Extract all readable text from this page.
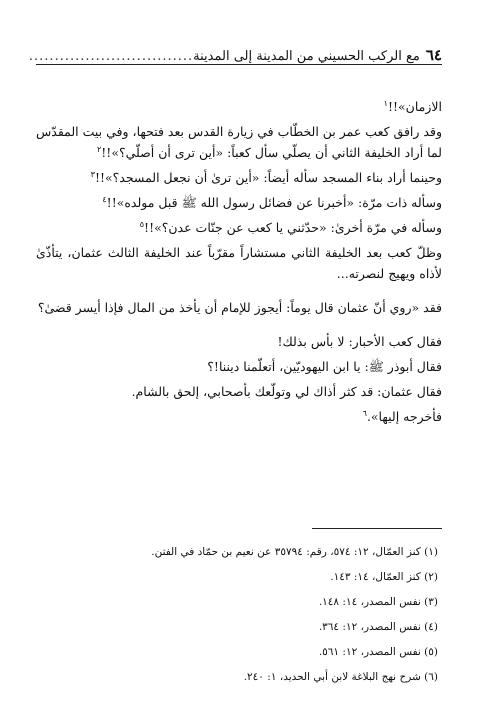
٦٤
مع الركب الحسيني من المدينة إلى المدينة
................................

الازمان»!!$^١$

وقد رافق كعب عمر بن الخطّاب في زيارة القدس بعد فتحها، وفي بيت المقدّس لما أراد الخليفة الثاني أن يصلّي سأل كعباً: «أين ترى أن أصلّي؟»!!$^٢$

وحينما أراد بناء المسجد سأله أيضاً: «أين ترىٰ أن نجعل المسجد؟»!!$^٣$

وسأله ذات مرّة: «أخبرنا عن فضائل رسول الله ﷺ قبل مولده»!!$^٤$

وسأله في مرّة أخرىٰ: «حدّثني يا كعب عن جنّات عدن؟»!!$^٥$

وظلّ كعب بعد الخليفة الثاني مستشاراً مقرّباً عند الخليفة الثالث عثمان، يتأذّىٰ لأذاه ويهيج لنصرته...

فقد «روي أنّ عثمان قال يوماً: أيجوز للإمام أن يأخذ من المال فإذا أيسر قضىٰ؟

فقال كعب الأحبار: لا بأس بذلك!

فقال أبوذر ﷺ: يا ابن اليهوديّين، أتعلّمنا ديننا!؟

فقال عثمان: قد كثر أذاك لي وتولّعك بأصحابي، إلحق بالشام.

فأخرجه إليها».$^٦$

(١) كنز العمّال، ١٢: ٥٧٤، رقم: ٣٥٧٩٤ عن نعيم بن حمّاد في الفتن.
(٢) كنز العمّال، ١٤: ١٤٣.
(٣) نفس المصدر، ١٤: ١٤٨.
(٤) نفس المصدر، ١٢: ٣٦٤.
(٥) نفس المصدر، ١٢: ٥٦١.
(٦) شرح نهج البلاغة لابن أبي الحديد، ١: ٢٤٠.
